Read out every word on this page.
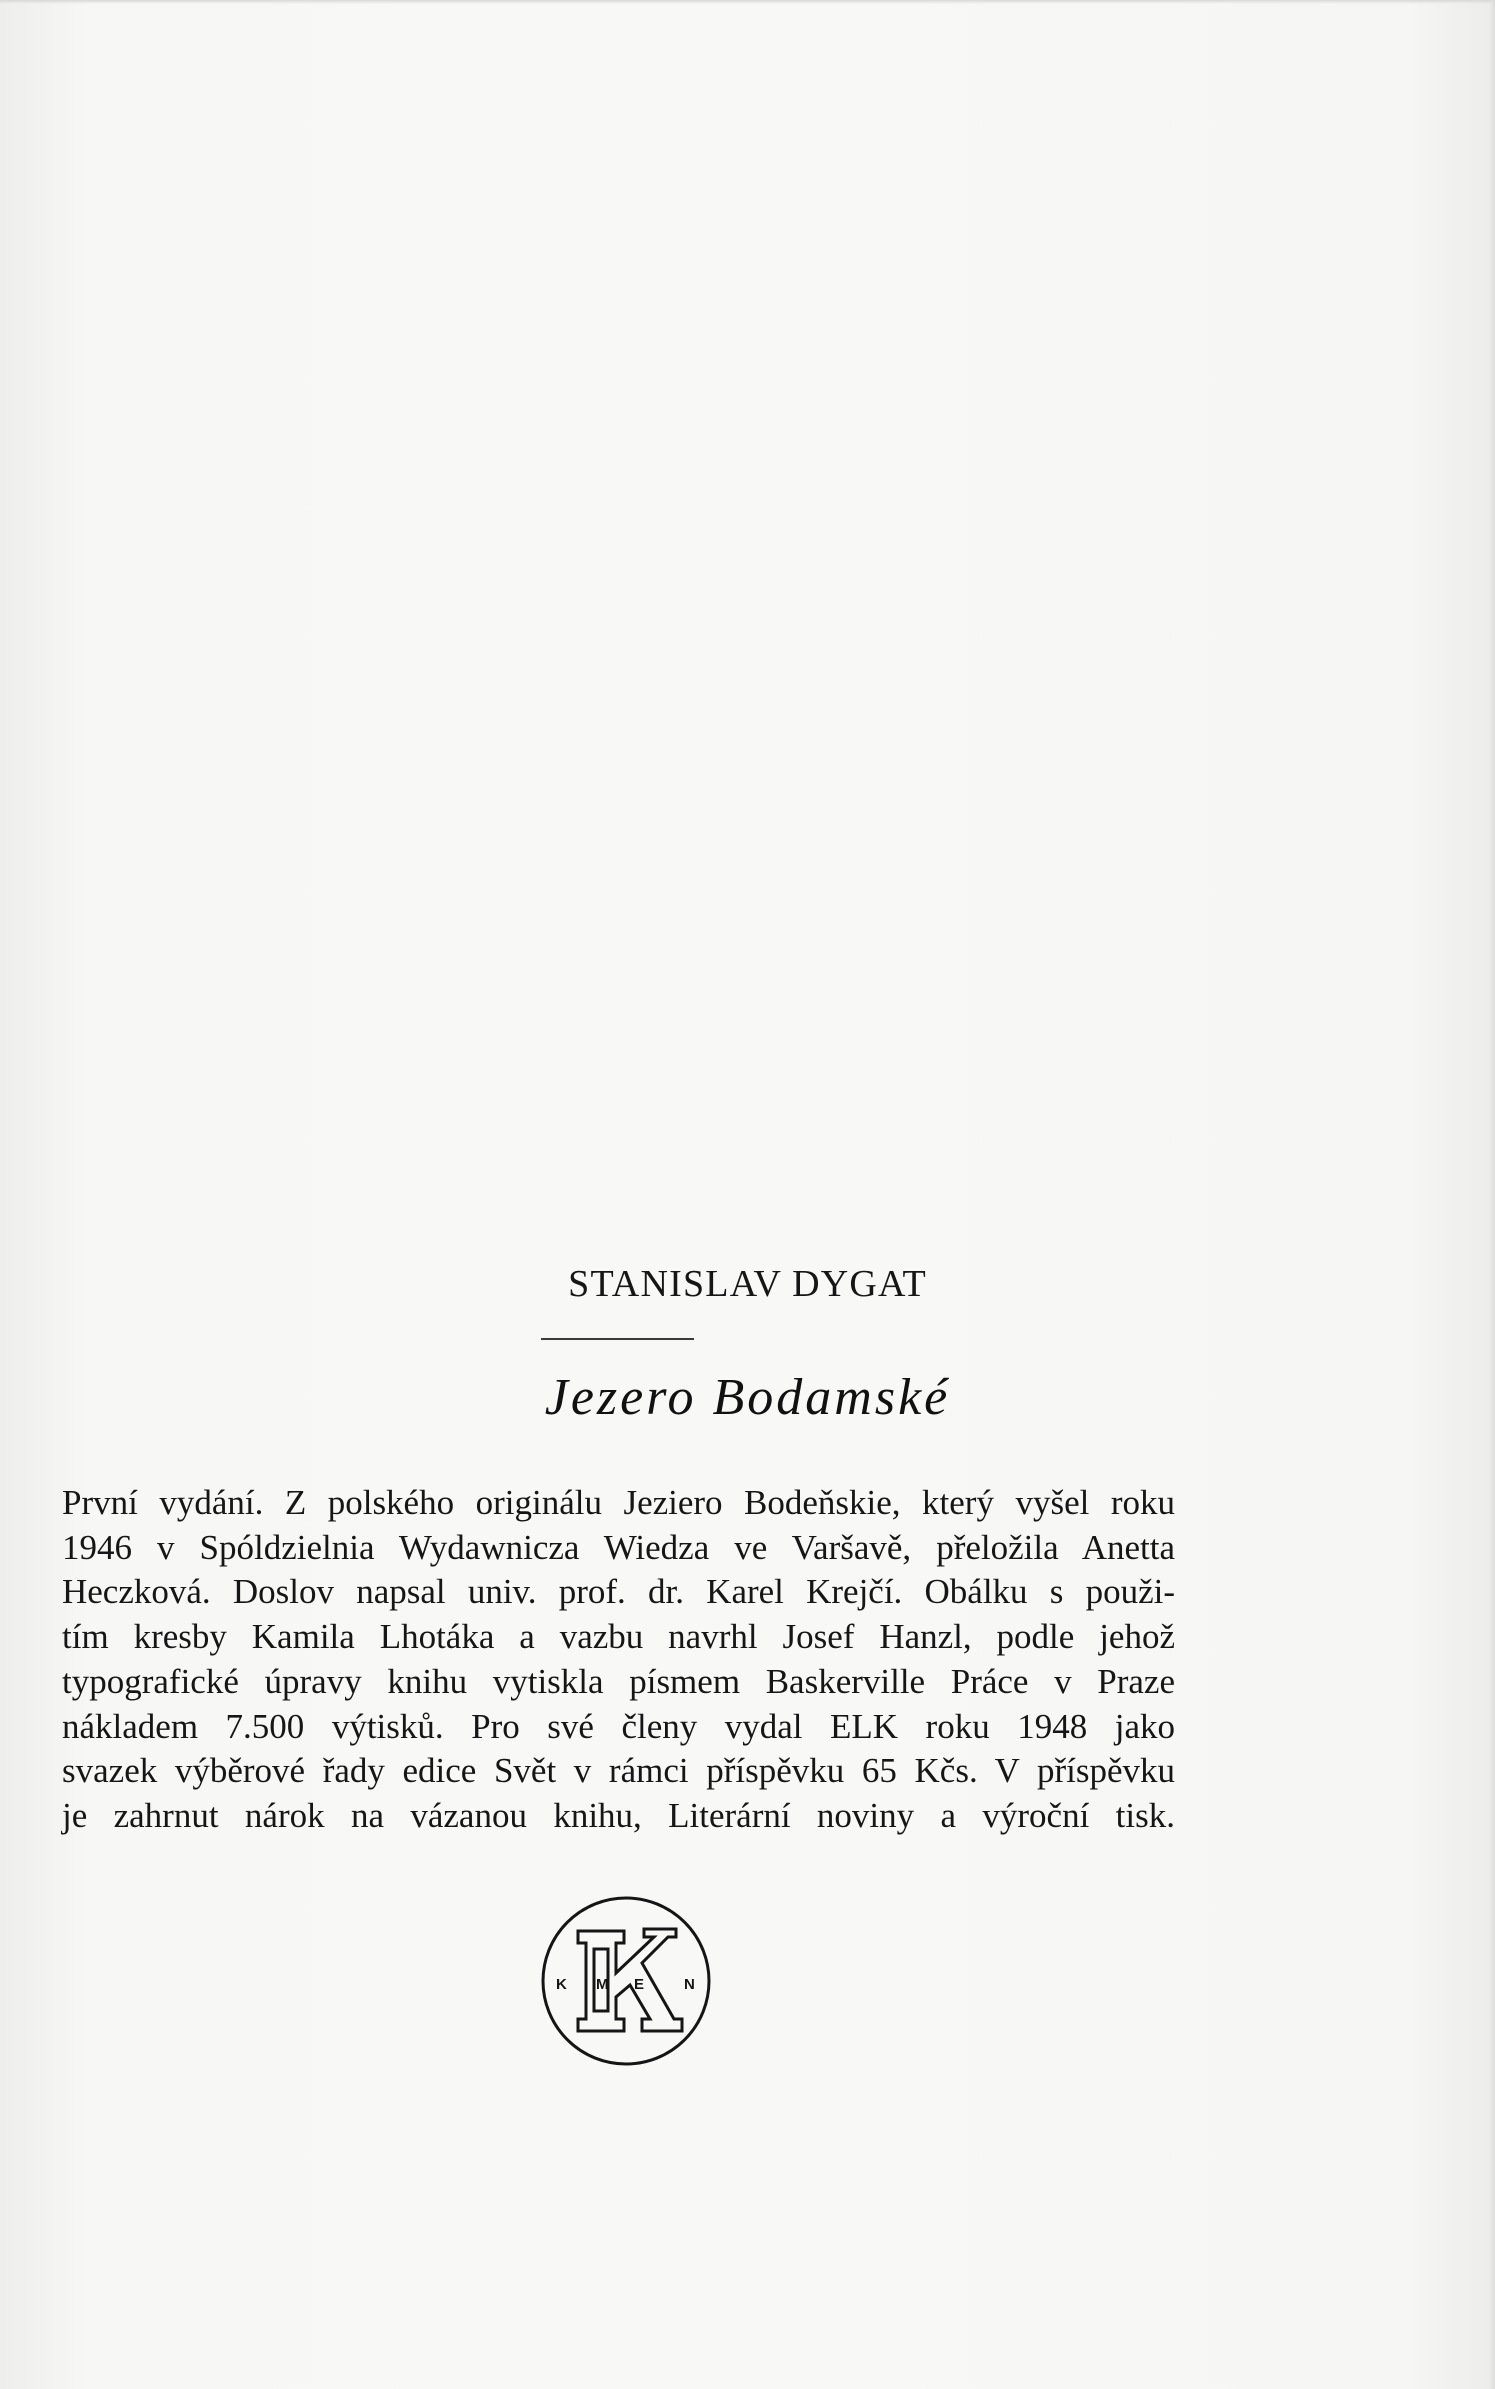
STANISLAV DYGAT
Jezero Bodamské
První vydání. Z polského originálu Jeziero Bodeňskie, který vyšel roku
1946 v Spóldzielnia Wydawnicza Wiedza ve Varšavě, přeložila Anetta
Heczková. Doslov napsal univ. prof. dr. Karel Krejčí. Obálku s použi-
tím kresby Kamila Lhotáka a vazbu navrhl Josef Hanzl, podle jehož
typografické úpravy knihu vytiskla písmem Baskerville Práce v Praze
nákladem 7.500 výtisků. Pro své členy vydal ELK roku 1948 jako
svazek výběrové řady edice Svět v rámci příspěvku 65 Kčs. V příspěvku
je zahrnut nárok na vázanou knihu, Literární noviny a výroční tisk.
K M E	N
